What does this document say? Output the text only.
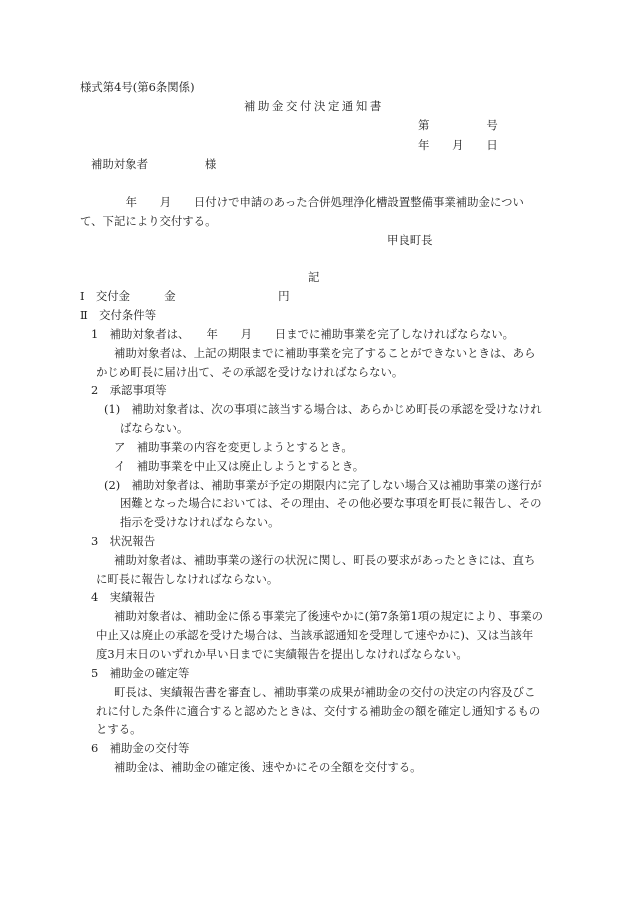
様式第4号(第6条関係)
補助金交付決定通知書
第　　　　　号
年　　月　　日
補助対象者　　　　　様
　　　　年　　月　　日付けで申請のあった合併処理浄化槽設置整備事業補助金につい
て、下記により交付する。
甲良町長
記
Ⅰ　交付金　　　金　　　　　　　　　円
Ⅱ　交付条件等
1　補助対象者は、　　年　　月　　日までに補助事業を完了しなければならない。
補助対象者は、上記の期限までに補助事業を完了することができないときは、あら
かじめ町長に届け出て、その承認を受けなければならない。
2　承認事項等
(1)　補助対象者は、次の事項に該当する場合は、あらかじめ町長の承認を受けなけれ
ばならない。
ア　補助事業の内容を変更しようとするとき。
イ　補助事業を中止又は廃止しようとするとき。
(2)　補助対象者は、補助事業が予定の期限内に完了しない場合又は補助事業の遂行が
困難となった場合においては、その理由、その他必要な事項を町長に報告し、その
指示を受けなければならない。
3　状況報告
補助対象者は、補助事業の遂行の状況に関し、町長の要求があったときには、直ち
に町長に報告しなければならない。
4　実績報告
補助対象者は、補助金に係る事業完了後速やかに(第7条第1項の規定により、事業の
中止又は廃止の承認を受けた場合は、当該承認通知を受理して速やかに)、又は当該年
度3月末日のいずれか早い日までに実績報告を提出しなければならない。
5　補助金の確定等
町長は、実績報告書を審査し、補助事業の成果が補助金の交付の決定の内容及びこ
れに付した条件に適合すると認めたときは、交付する補助金の額を確定し通知するもの
とする。
6　補助金の交付等
補助金は、補助金の確定後、速やかにその全額を交付する。
